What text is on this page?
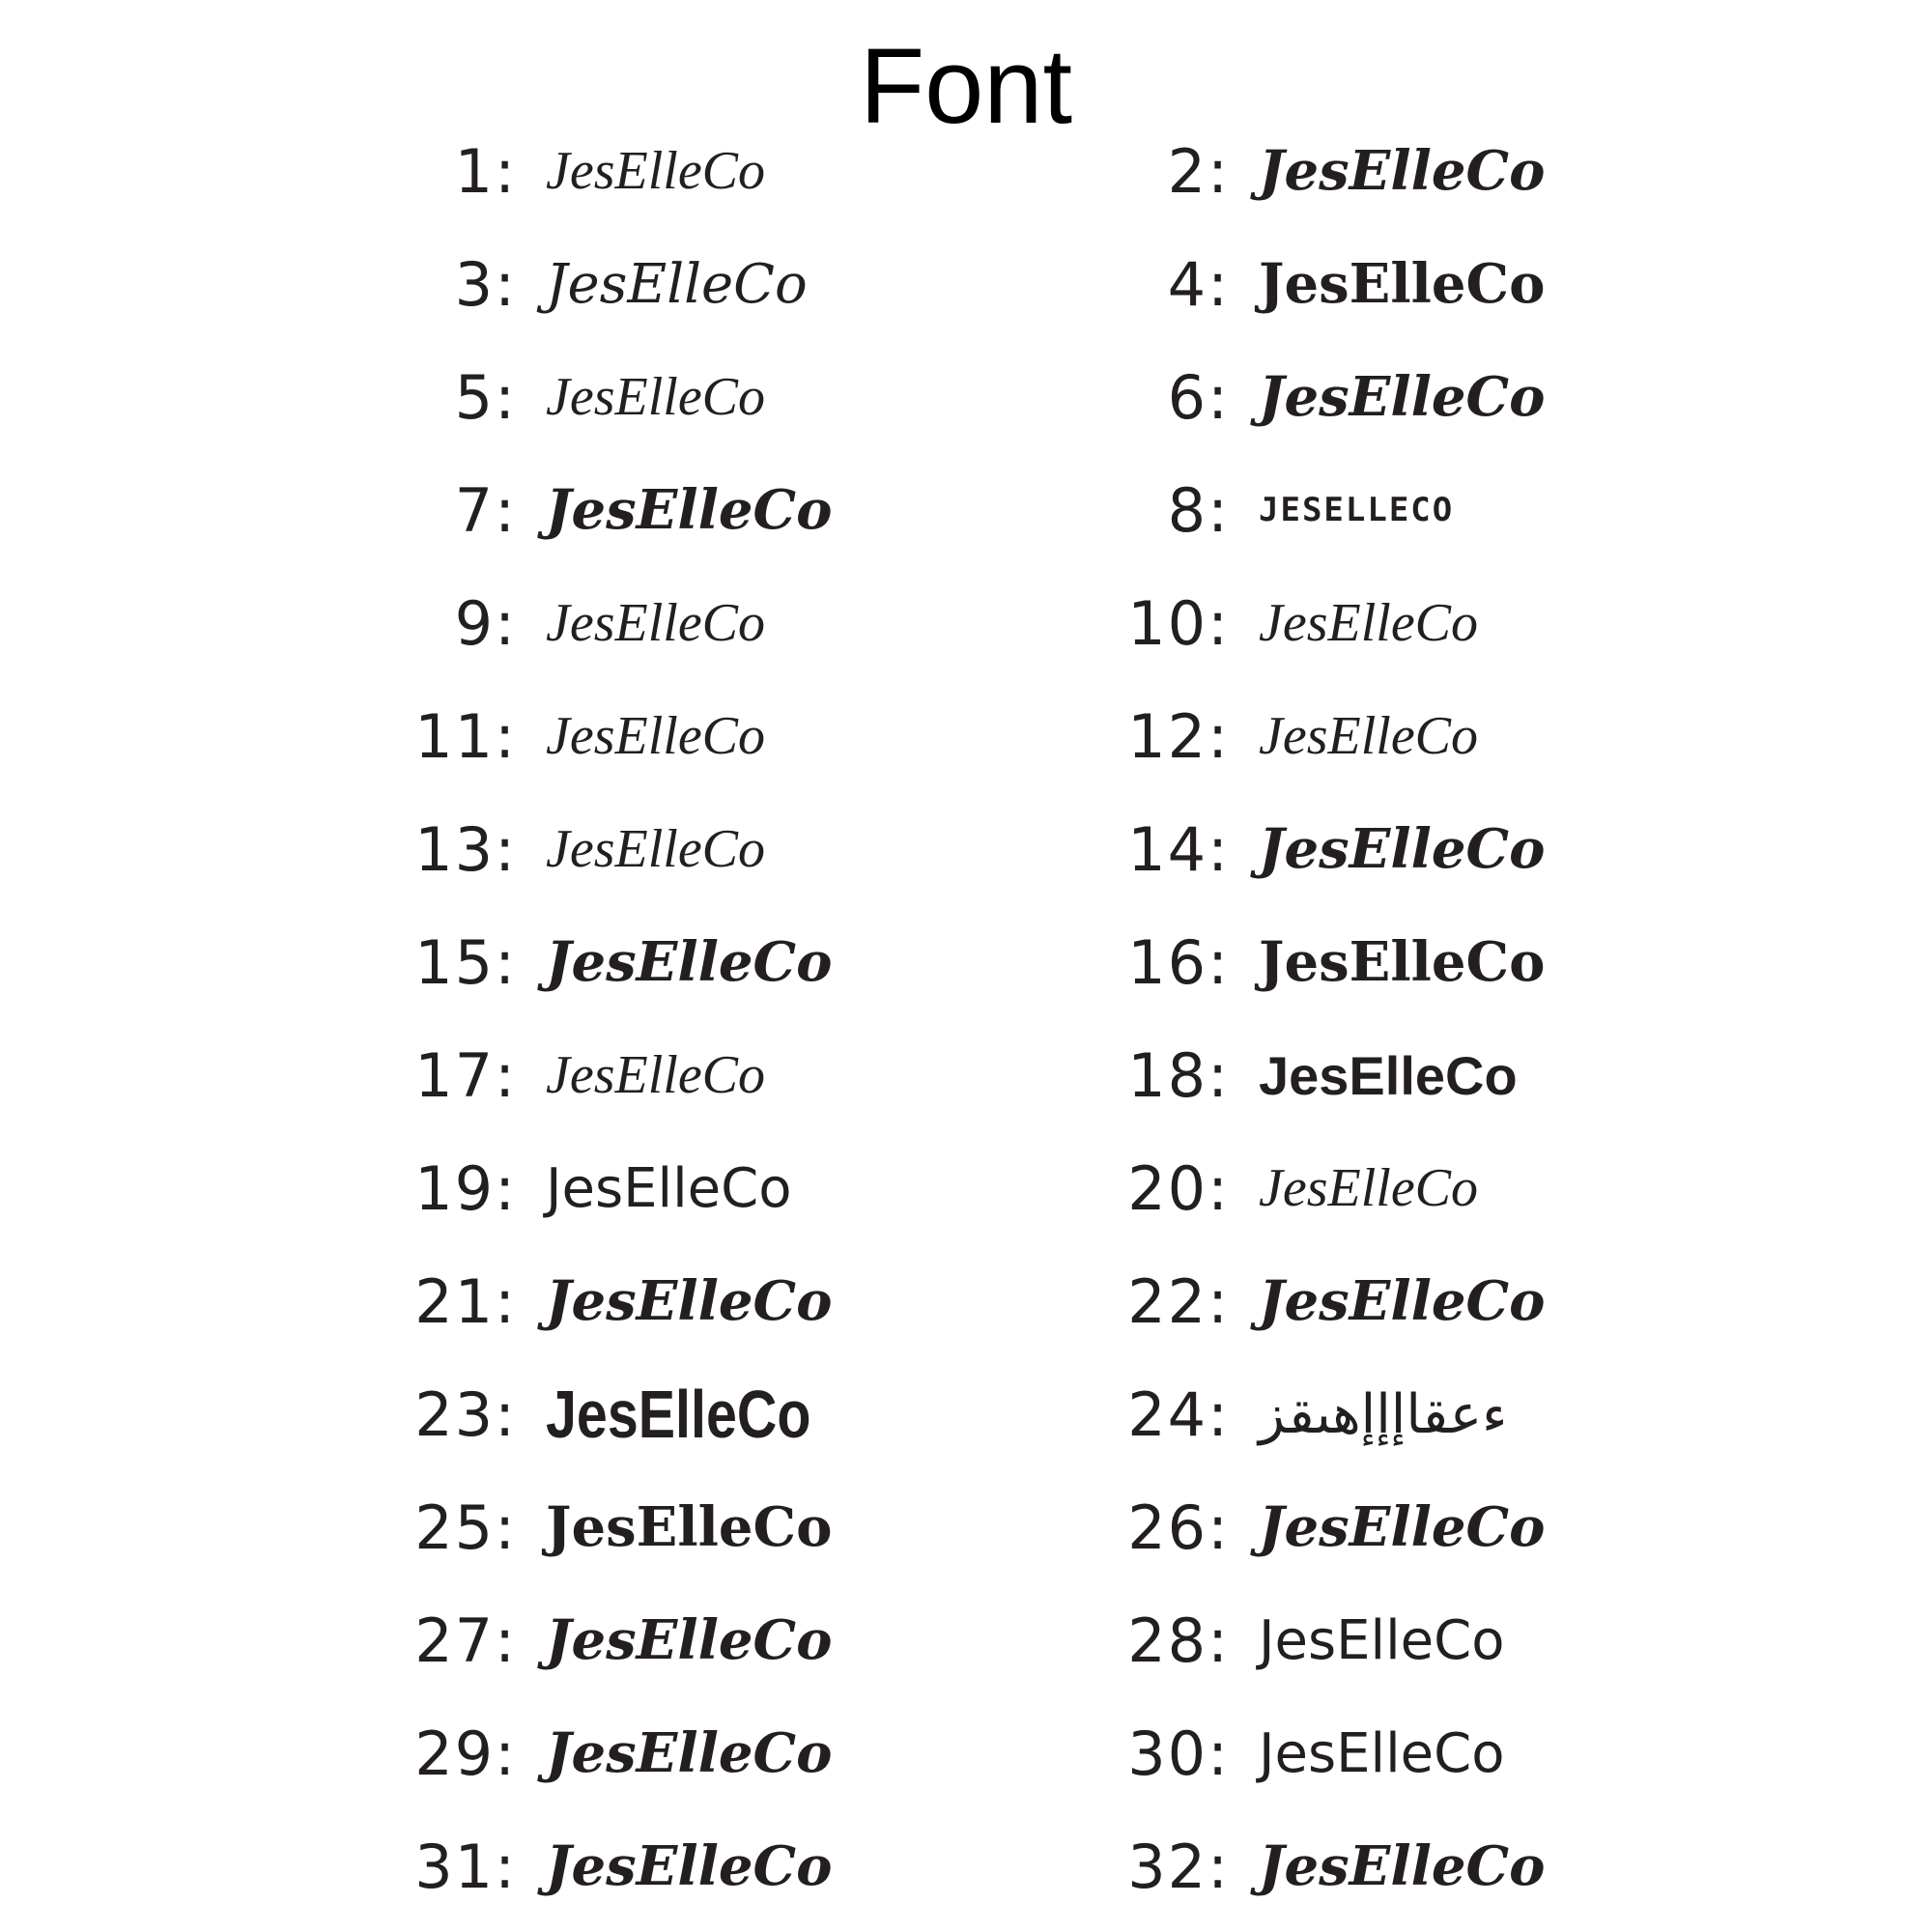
Font
1: JesElleCo
3: JesElleCo
5: JesElleCo
7: JesElleCo
9: JesElleCo
11: JesElleCo
13: JesElleCo
15: JesElleCo
17: JesElleCo
19: JesElleCo
21: JesElleCo
23: JesElleCo
25: JesElleCo
27: JesElleCo
29: JesElleCo
31: JesElleCo
2: JesElleCo
4: JesElleCo
6: JesElleCo
8: JESELLECO
10: JesElleCo
12: JesElleCo
14: JesElleCo
16: JesElleCo
18: JesElleCo
20: JesElleCo
22: JesElleCo
24: ءعقاإإإهىقز
26: JesElleCo
28: JesElleCo
30: JesElleCo
32: JesElleCo
